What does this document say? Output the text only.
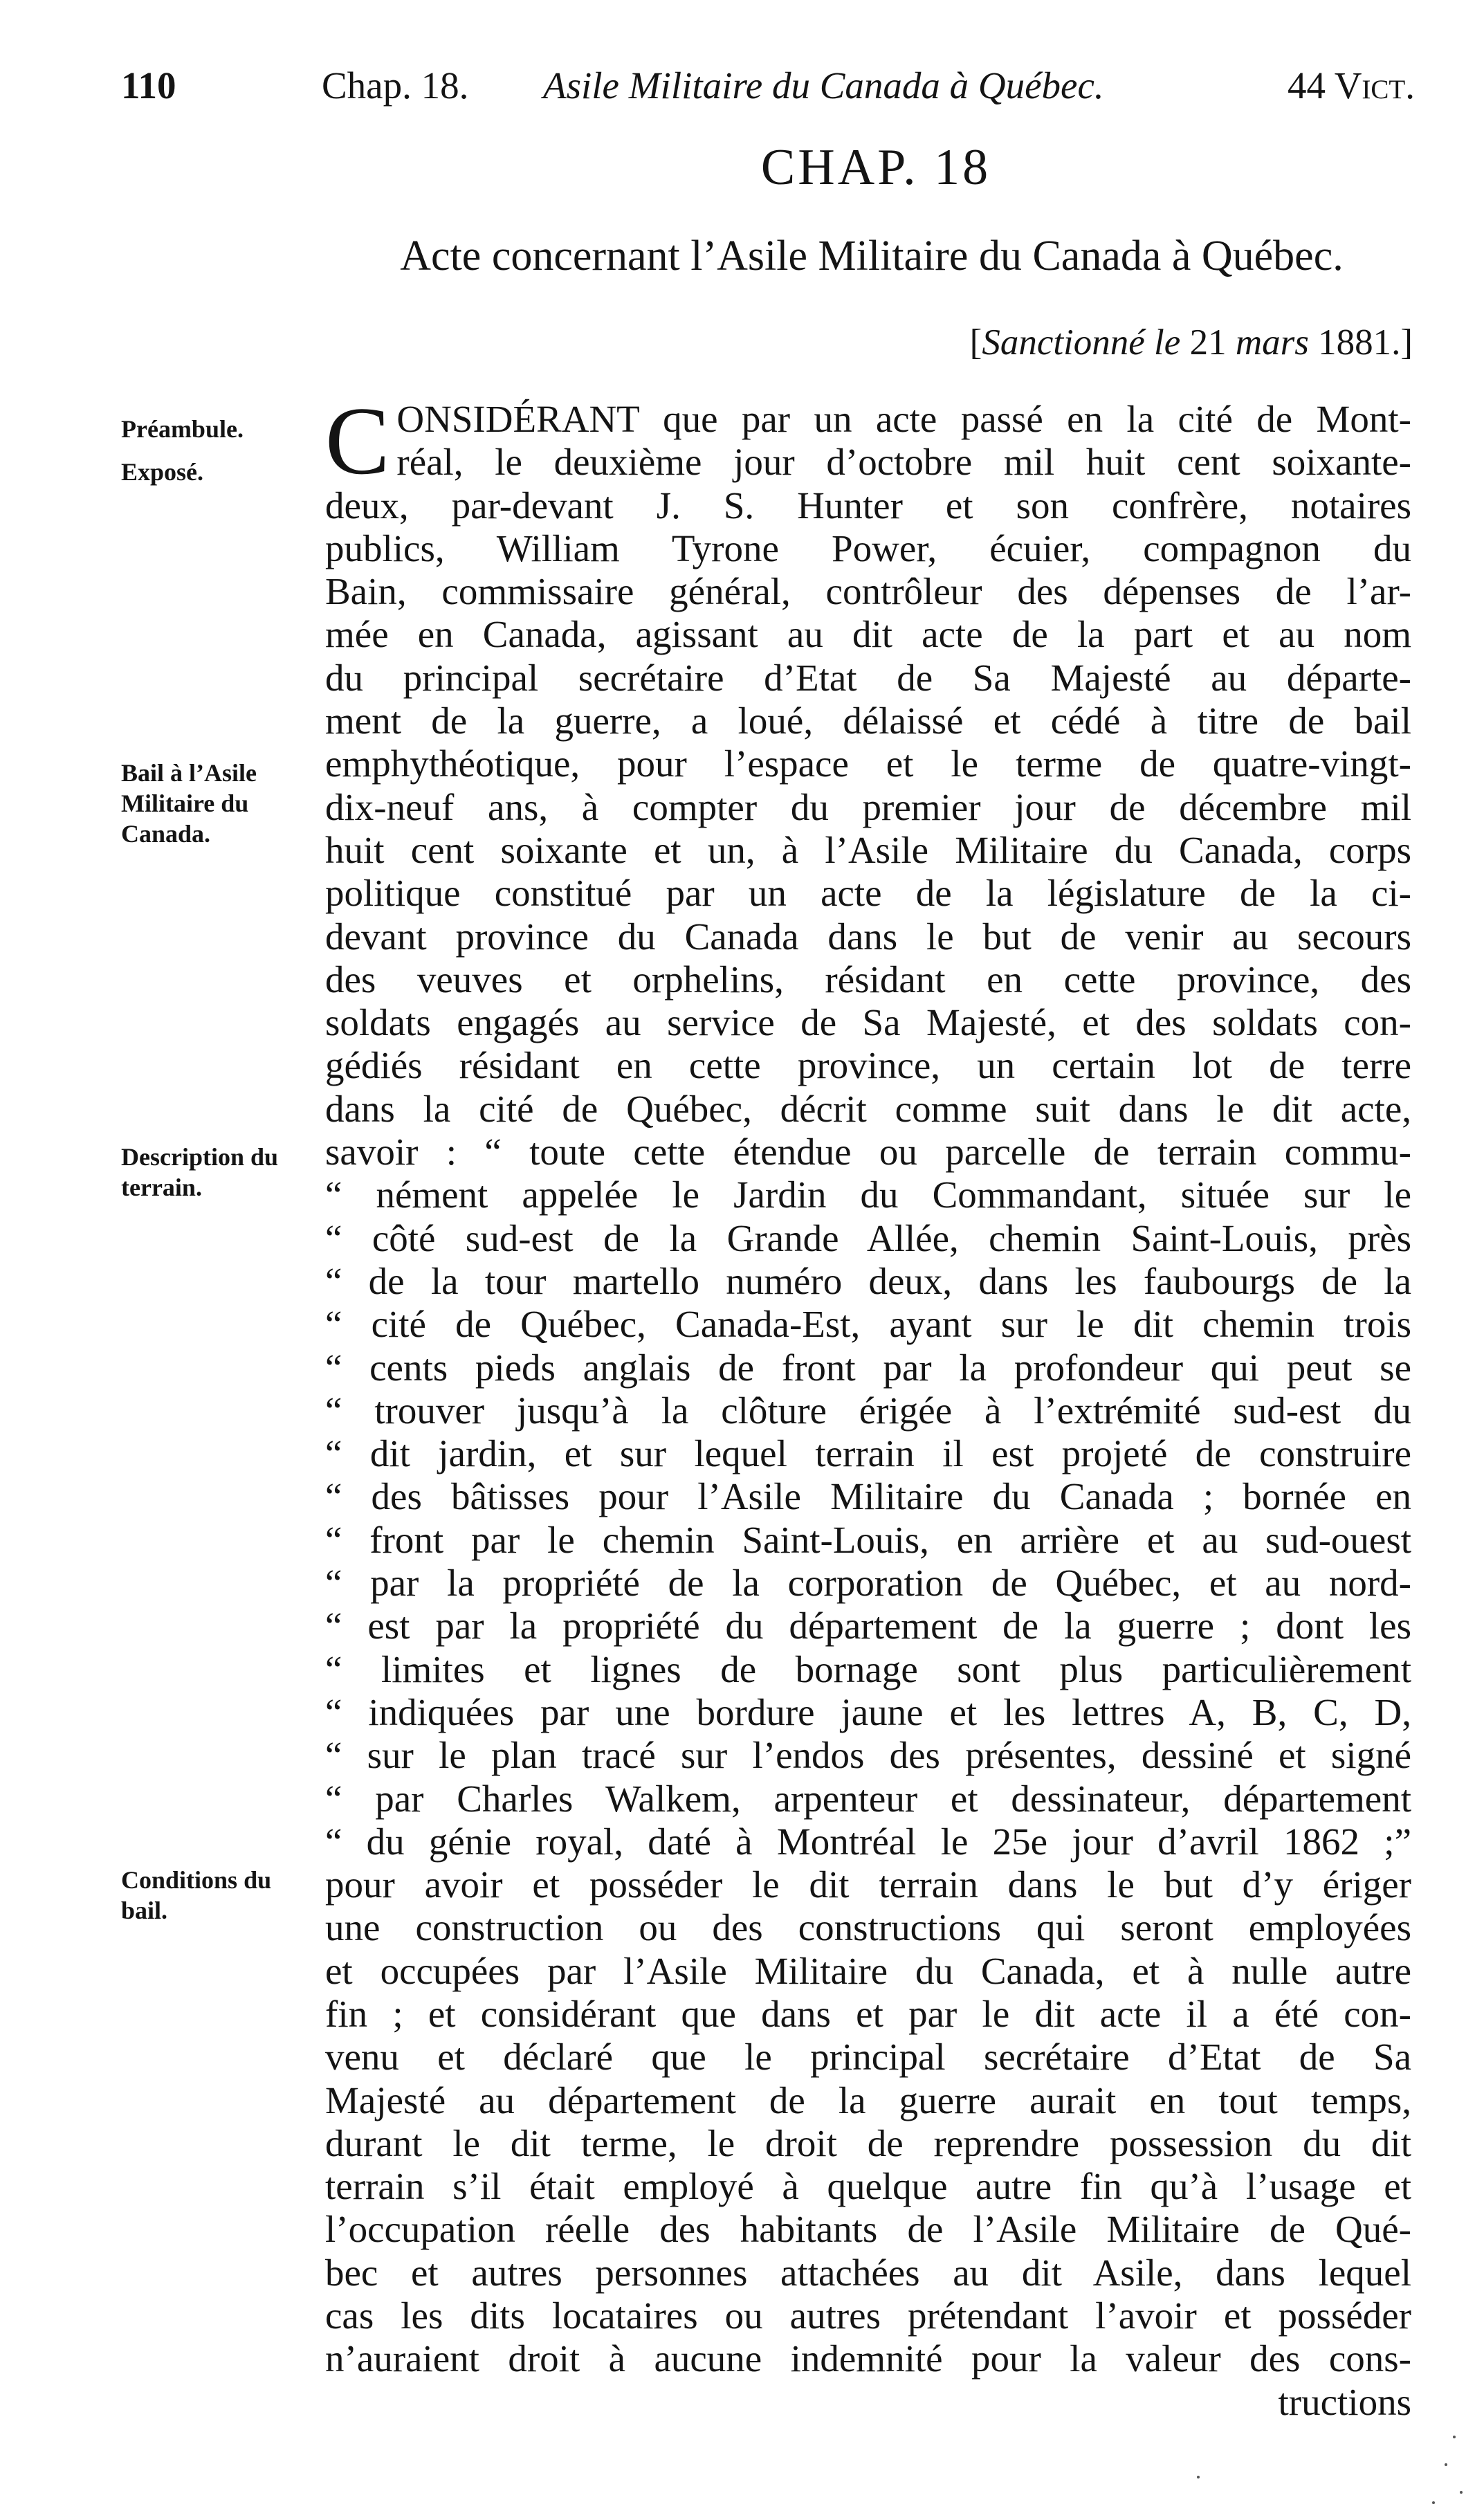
110	Chap. 18. Asile Militaire du Canada à Québec.	44 Vict.
CHAP. 18
Acte concernant l’Asile Militaire du Canada à Québec.
[Sanctionné le 21 mars 1881.]
Préambule.
Exposé.
Bail à l’Asile Militaire du Canada.
Description du terrain.
Conditions du bail.
C ONSIDÉRANT que par un acte passé en la cité de Mont-
réal, le deuxième jour d’octobre mil huit cent soixante-
deux, par-devant J. S. Hunter et son confrère, notaires
publics, William Tyrone Power, écuier, compagnon du
Bain, commissaire général, contrôleur des dépenses de l’ar-
mée en Canada, agissant au dit acte de la part et au nom
du principal secrétaire d’Etat de Sa Majesté au départe-
ment de la guerre, a loué, délaissé et cédé à titre de bail
emphythéotique, pour l’espace et le terme de quatre-vingt-
dix-neuf ans, à compter du premier jour de décembre mil
huit cent soixante et un, à l’Asile Militaire du Canada, corps
politique constitué par un acte de la législature de la ci-
devant province du Canada dans le but de venir au secours
des veuves et orphelins, résidant en cette province, des
soldats engagés au service de Sa Majesté, et des soldats con-
gédiés résidant en cette province, un certain lot de terre
dans la cité de Québec, décrit comme suit dans le dit acte,
savoir : “ toute cette étendue ou parcelle de terrain commu-
“ nément appelée le Jardin du Commandant, située sur le
“ côté sud-est de la Grande Allée, chemin Saint-Louis, près
“ de la tour martello numéro deux, dans les faubourgs de la
“ cité de Québec, Canada-Est, ayant sur le dit chemin trois
“ cents pieds anglais de front par la profondeur qui peut se
“ trouver jusqu’à la clôture érigée à l’extrémité sud-est du
“ dit jardin, et sur lequel terrain il est projeté de construire
“ des bâtisses pour l’Asile Militaire du Canada ; bornée en
“ front par le chemin Saint-Louis, en arrière et au sud-ouest
“ par la propriété de la corporation de Québec, et au nord-
“ est par la propriété du département de la guerre ; dont les
“ limites et lignes de bornage sont plus particulièrement
“ indiquées par une bordure jaune et les lettres A, B, C, D,
“ sur le plan tracé sur l’endos des présentes, dessiné et signé
“ par Charles Walkem, arpenteur et dessinateur, département
“ du génie royal, daté à Montréal le 25e jour d’avril 1862 ;”
pour avoir et posséder le dit terrain dans le but d’y ériger
une construction ou des constructions qui seront employées
et occupées par l’Asile Militaire du Canada, et à nulle autre
fin ; et considérant que dans et par le dit acte il a été con-
venu et déclaré que le principal secrétaire d’Etat de Sa
Majesté au département de la guerre aurait en tout temps,
durant le dit terme, le droit de reprendre possession du dit
terrain s’il était employé à quelque autre fin qu’à l’usage et
l’occupation réelle des habitants de l’Asile Militaire de Qué-
bec et autres personnes attachées au dit Asile, dans lequel
cas les dits locataires ou autres prétendant l’avoir et posséder
n’auraient droit à aucune indemnité pour la valeur des cons-
tructions
